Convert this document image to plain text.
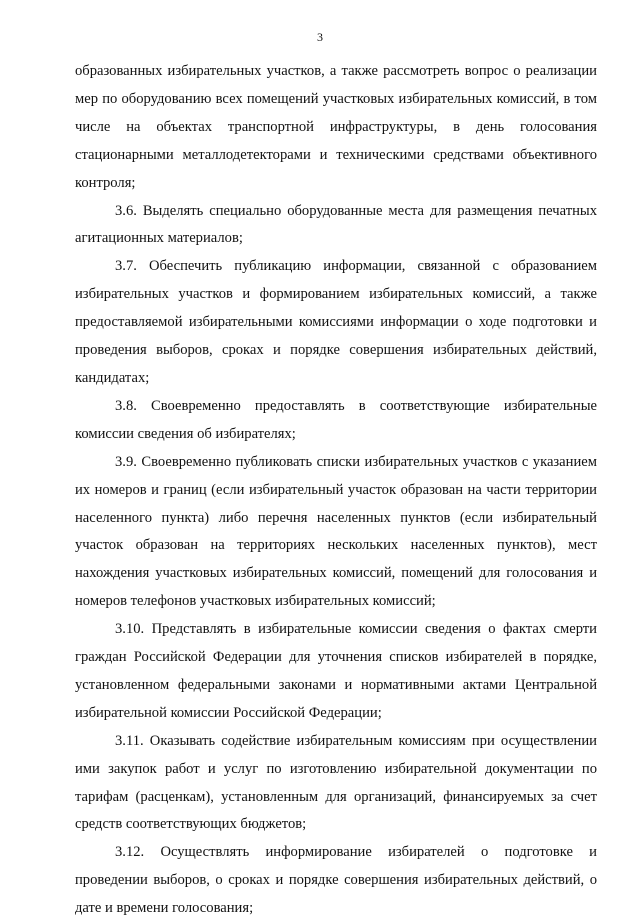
3

образованных избирательных участков, а также рассмотреть вопрос о реализации мер по оборудованию всех помещений участковых избирательных комиссий, в том числе на объектах транспортной инфраструктуры, в день голосования стационарными металлодетекторами и техническими средствами объективного контроля;

3.6. Выделять специально оборудованные места для размещения печатных агитационных материалов;

3.7. Обеспечить публикацию информации, связанной с образованием избирательных участков и формированием избирательных комиссий, а также предоставляемой избирательными комиссиями информации о ходе подготовки и проведения выборов, сроках и порядке совершения избирательных действий, кандидатах;

3.8. Своевременно предоставлять в соответствующие избирательные комиссии сведения об избирателях;

3.9. Своевременно публиковать списки избирательных участков с указанием их номеров и границ (если избирательный участок образован на части территории населенного пункта) либо перечня населенных пунктов (если избирательный участок образован на территориях нескольких населенных пунктов), мест нахождения участковых избирательных комиссий, помещений для голосования и номеров телефонов участковых избирательных комиссий;

3.10. Представлять в избирательные комиссии сведения о фактах смерти граждан Российской Федерации для уточнения списков избирателей в порядке, установленном федеральными законами и нормативными актами Центральной избирательной комиссии Российской Федерации;

3.11. Оказывать содействие избирательным комиссиям при осуществлении ими закупок работ и услуг по изготовлению избирательной документации по тарифам (расценкам), установленным для организаций, финансируемых за счет средств соответствующих бюджетов;

3.12. Осуществлять информирование избирателей о подготовке и проведении выборов, о сроках и порядке совершения избирательных действий, о дате и времени голосования;
